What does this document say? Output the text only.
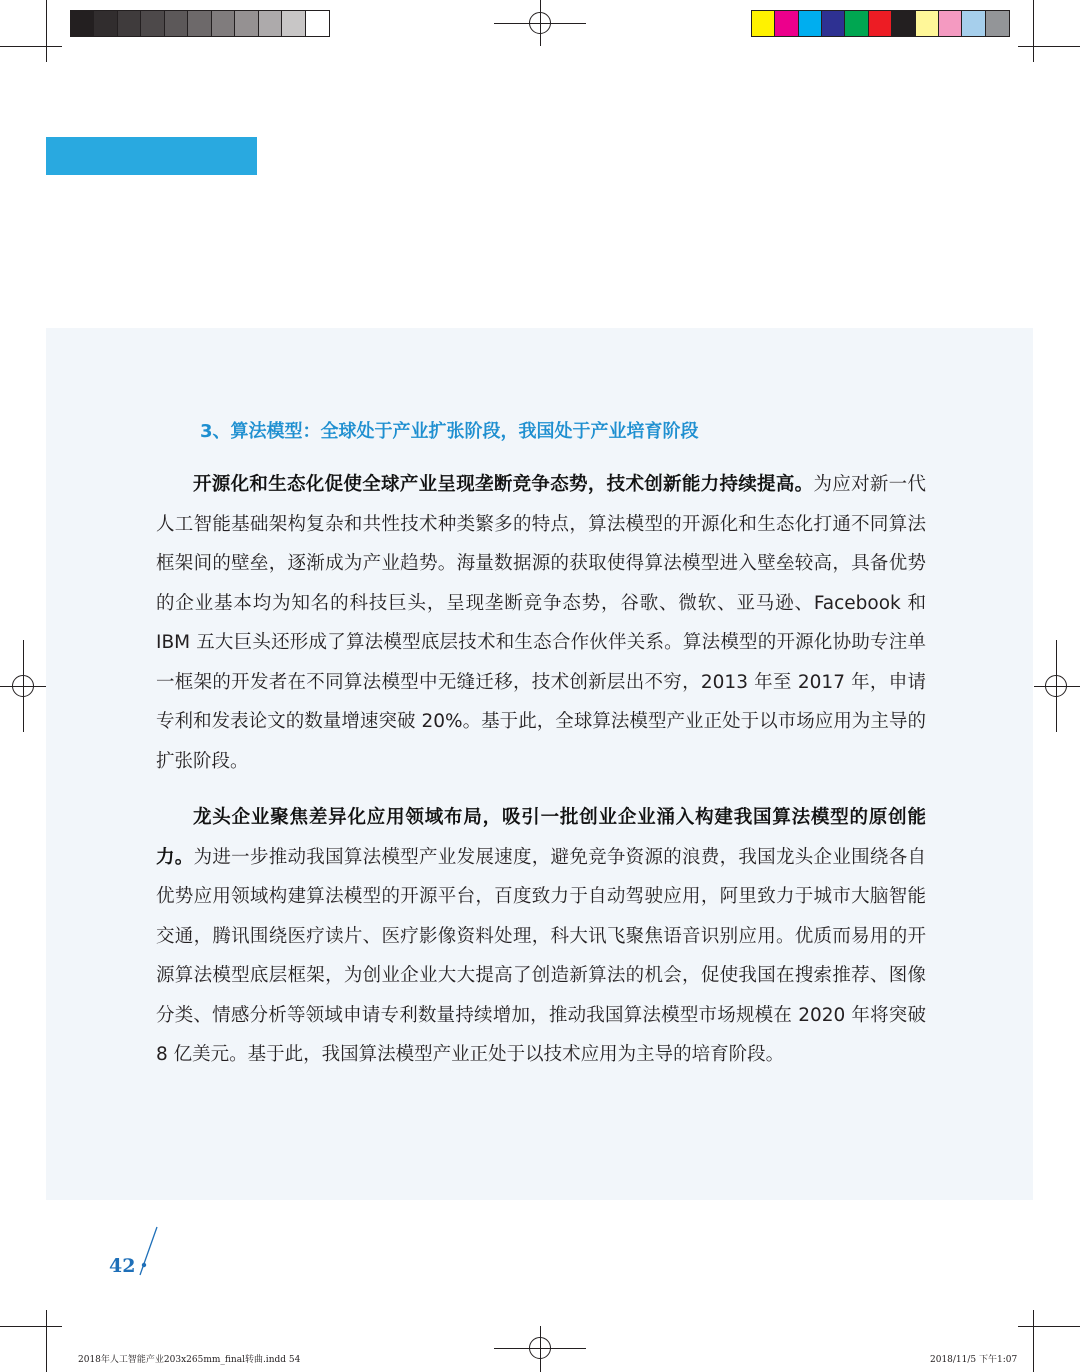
3、算法模型：全球处于产业扩张阶段，我国处于产业培育阶段
开源化和生态化促使全球产业呈现垄断竞争态势，技术创新能力持续提高。为应对新一代人工智能基础架构复杂和共性技术种类繁多的特点，算法模型的开源化和生态化打通不同算法框架间的壁垒，逐渐成为产业趋势。海量数据源的获取使得算法模型进入壁垒较高，具备优势的企业基本均为知名的科技巨头，呈现垄断竞争态势，谷歌、微软、亚马逊、Facebook 和 IBM 五大巨头还形成了算法模型底层技术和生态合作伙伴关系。算法模型的开源化协助专注单一框架的开发者在不同算法模型中无缝迁移，技术创新层出不穷，2013 年至 2017 年，申请专利和发表论文的数量增速突破 20%。基于此，全球算法模型产业正处于以市场应用为主导的扩张阶段。
龙头企业聚焦差异化应用领域布局，吸引一批创业企业涌入构建我国算法模型的原创能力。为进一步推动我国算法模型产业发展速度，避免竞争资源的浪费，我国龙头企业围绕各自优势应用领域构建算法模型的开源平台，百度致力于自动驾驶应用，阿里致力于城市大脑智能交通，腾讯围绕医疗读片、医疗影像资料处理，科大讯飞聚焦语音识别应用。优质而易用的开源算法模型底层框架，为创业企业大大提高了创造新算法的机会，促使我国在搜索推荐、图像分类、情感分析等领域申请专利数量持续增加，推动我国算法模型市场规模在 2020 年将突破 8 亿美元。基于此，我国算法模型产业正处于以技术应用为主导的培育阶段。
42
2018年人工智能产业203x265mm_final转曲.indd 54	2018/11/5 下午1:07
